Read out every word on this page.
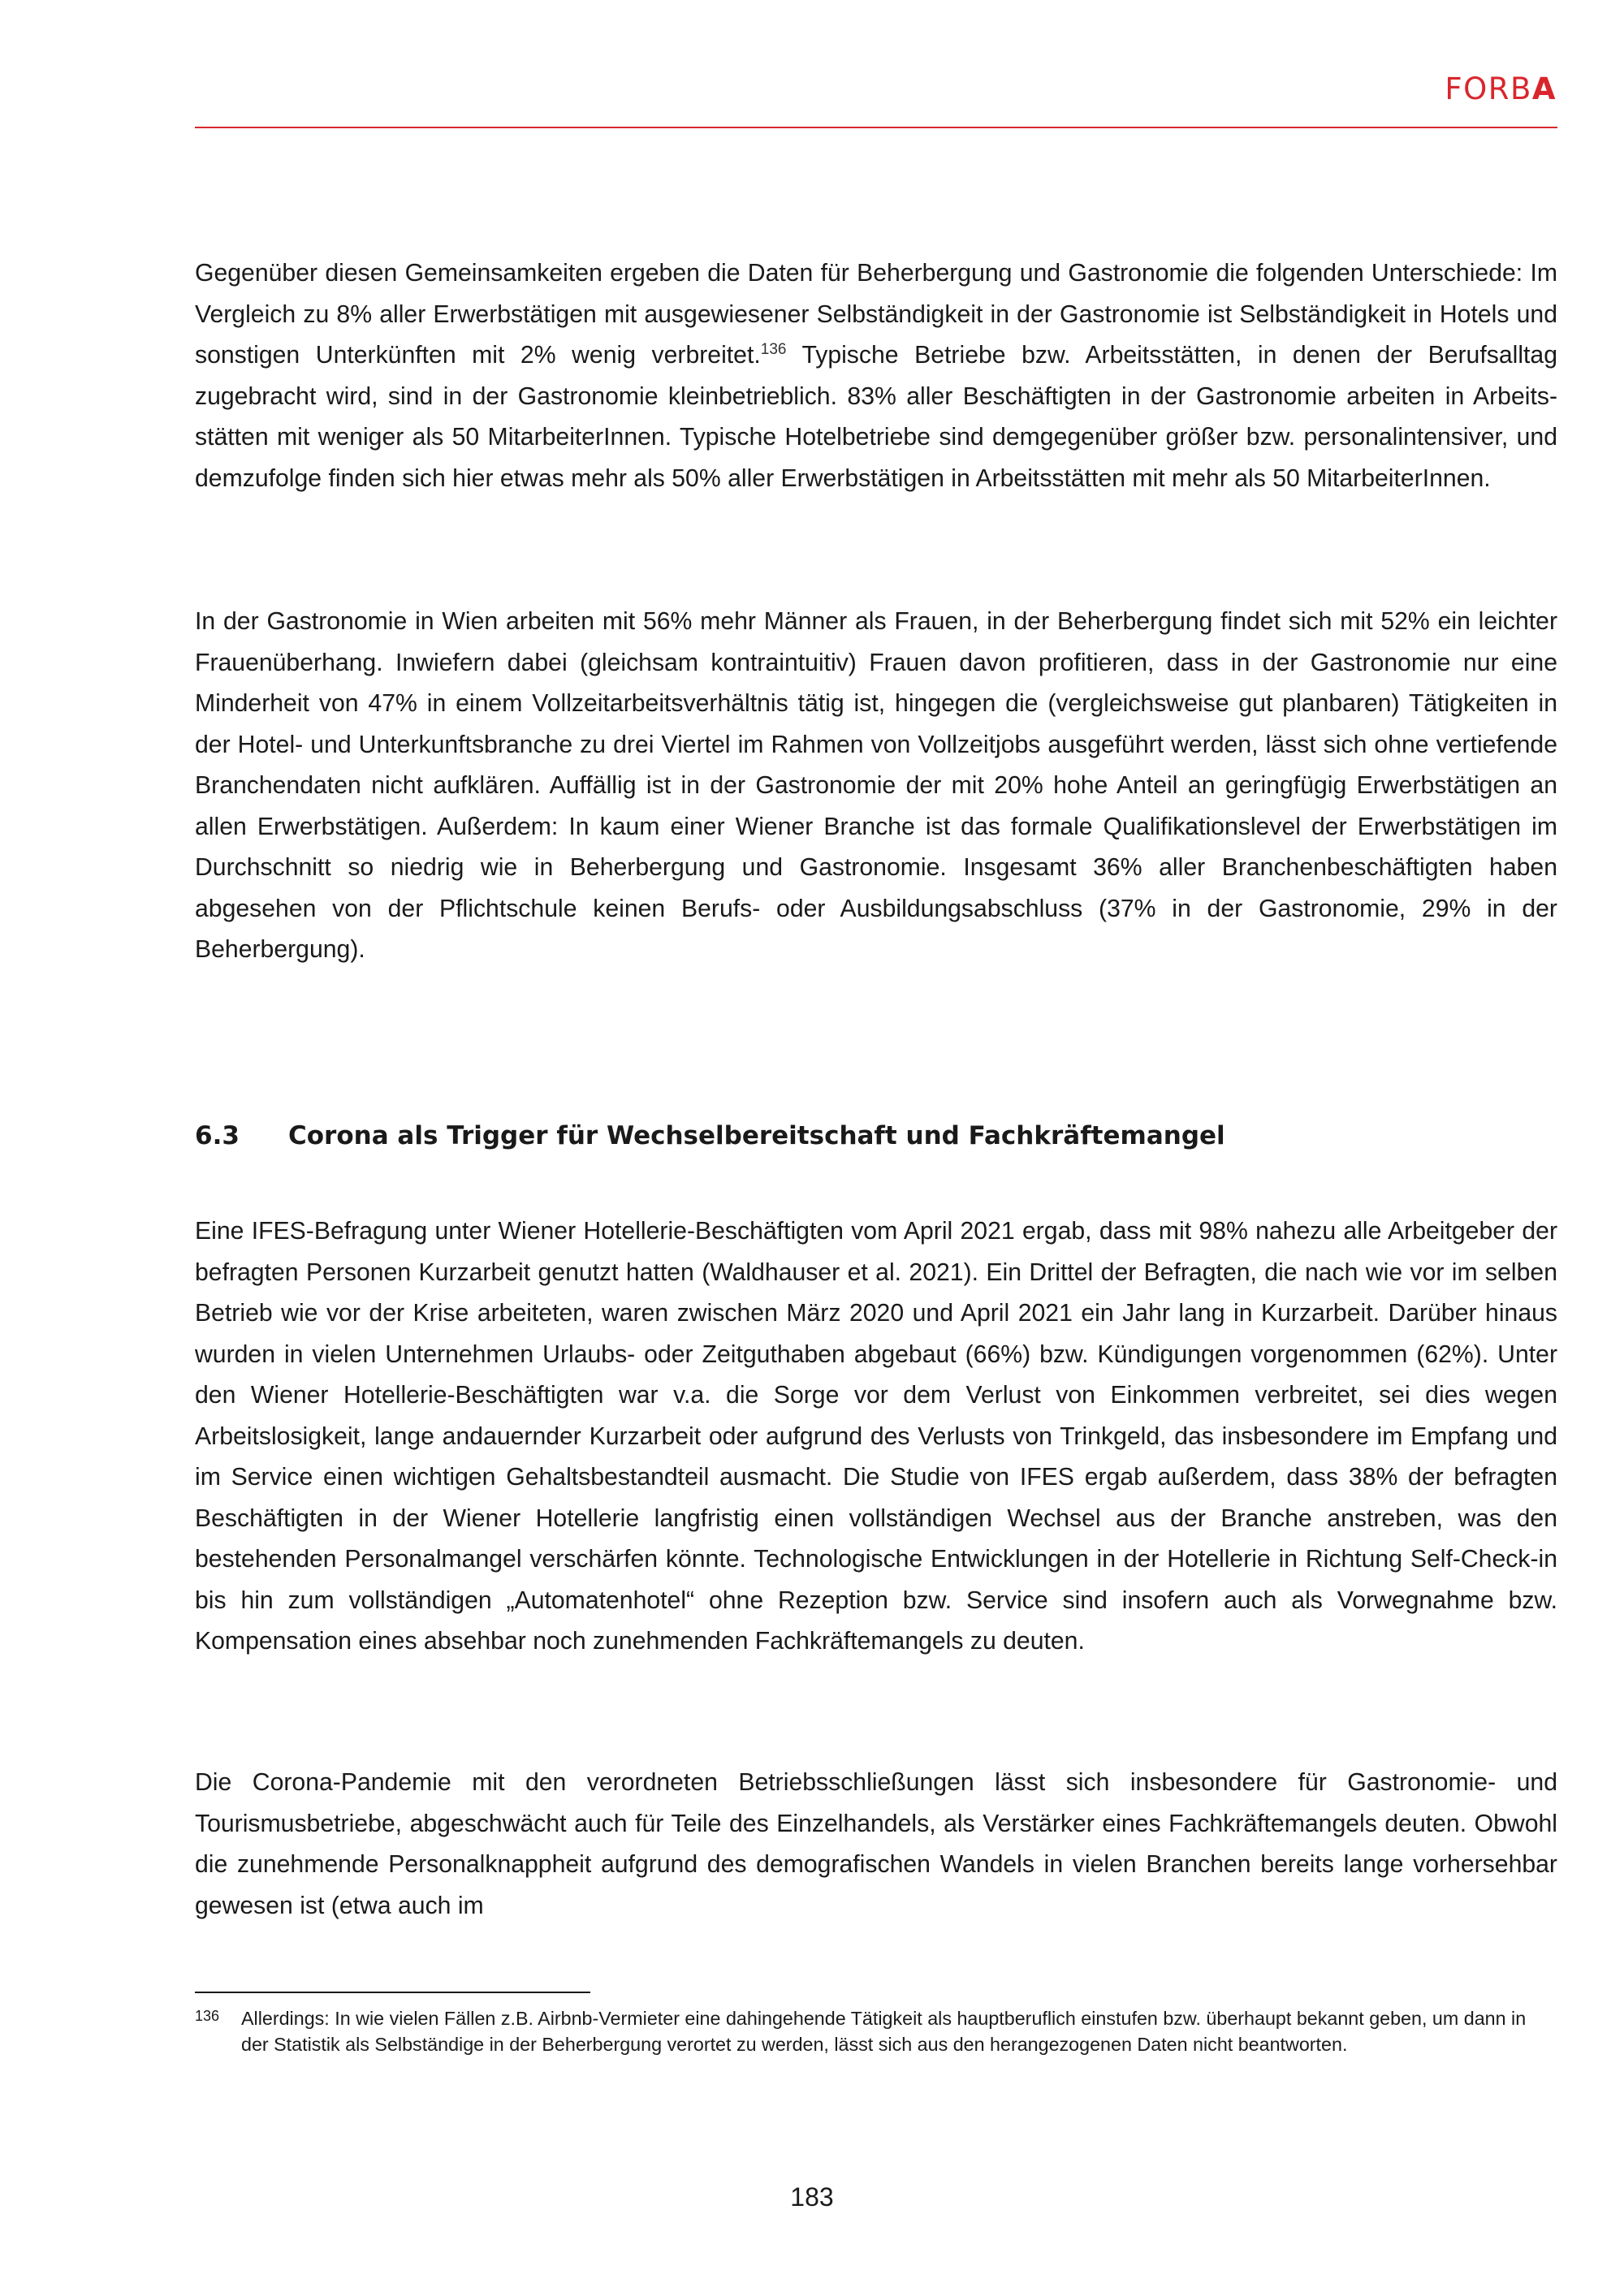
FORBA

Gegenüber diesen Gemeinsamkeiten ergeben die Daten für Beherbergung und Gastronomie die folgenden Unterschiede: Im Vergleich zu 8% aller Erwerbstätigen mit ausgewiesener Selbständigkeit in der Gastronomie ist Selbständigkeit in Hotels und sonstigen Unterkünften mit 2% wenig verbreitet.$^{136}$ Typische Betriebe bzw. Arbeitsstätten, in denen der Berufsalltag zugebracht wird, sind in der Gastronomie kleinbetrieblich. 83% aller Beschäftigten in der Gastronomie arbeiten in Arbeitsstätten mit weniger als 50 MitarbeiterInnen. Typische Hotelbetriebe sind demgegenüber größer bzw. personalintensiver, und demzufolge finden sich hier etwas mehr als 50% aller Erwerbstätigen in Arbeitsstätten mit mehr als 50 MitarbeiterInnen.

In der Gastronomie in Wien arbeiten mit 56% mehr Männer als Frauen, in der Beherbergung findet sich mit 52% ein leichter Frauenüberhang. Inwiefern dabei (gleichsam kontraintuitiv) Frauen davon profitieren, dass in der Gastronomie nur eine Minderheit von 47% in einem Vollzeitarbeitsverhältnis tätig ist, hingegen die (vergleichsweise gut planbaren) Tätigkeiten in der Hotel- und Unterkunftsbranche zu drei Viertel im Rahmen von Vollzeitjobs ausgeführt werden, lässt sich ohne vertiefende Branchendaten nicht aufklären. Auffällig ist in der Gastronomie der mit 20% hohe Anteil an geringfügig Erwerbstätigen an allen Erwerbstätigen. Außerdem: In kaum einer Wiener Branche ist das formale Qualifikationslevel der Erwerbstätigen im Durchschnitt so niedrig wie in Beherbergung und Gastronomie. Insgesamt 36% aller Branchenbeschäftigten haben abgesehen von der Pflichtschule keinen Berufs- oder Ausbildungsabschluss (37% in der Gastronomie, 29% in der Beherbergung).

6.3 Corona als Trigger für Wechselbereitschaft und Fachkräftemangel

Eine IFES-Befragung unter Wiener Hotellerie-Beschäftigten vom April 2021 ergab, dass mit 98% nahezu alle Arbeitgeber der befragten Personen Kurzarbeit genutzt hatten (Waldhauser et al. 2021). Ein Drittel der Befragten, die nach wie vor im selben Betrieb wie vor der Krise arbeiteten, waren zwischen März 2020 und April 2021 ein Jahr lang in Kurzarbeit. Darüber hinaus wurden in vielen Unternehmen Urlaubs- oder Zeitguthaben abgebaut (66%) bzw. Kündigungen vorgenommen (62%). Unter den Wiener Hotellerie-Beschäftigten war v.a. die Sorge vor dem Verlust von Einkommen verbreitet, sei dies wegen Arbeitslosigkeit, lange andauernder Kurzarbeit oder aufgrund des Verlusts von Trinkgeld, das insbesondere im Empfang und im Service einen wichtigen Gehaltsbestandteil ausmacht. Die Studie von IFES ergab außerdem, dass 38% der befragten Beschäftigten in der Wiener Hotellerie langfristig einen vollständigen Wechsel aus der Branche anstreben, was den bestehenden Personalmangel verschärfen könnte. Technologische Entwicklungen in der Hotellerie in Richtung Self-Check-in bis hin zum vollständigen „Automatenhotel“ ohne Rezeption bzw. Service sind insofern auch als Vorwegnahme bzw. Kompensation eines absehbar noch zunehmenden Fachkräftemangels zu deuten.

Die Corona-Pandemie mit den verordneten Betriebsschließungen lässt sich insbesondere für Gastronomie- und Tourismusbetriebe, abgeschwächt auch für Teile des Einzelhandels, als Verstärker eines Fachkräftemangels deuten. Obwohl die zunehmende Personalknappheit aufgrund des demografischen Wandels in vielen Branchen bereits lange vorhersehbar gewesen ist (etwa auch im

136 Allerdings: In wie vielen Fällen z.B. Airbnb-Vermieter eine dahingehende Tätigkeit als hauptberuflich einstufen bzw. überhaupt bekannt geben, um dann in der Statistik als Selbständige in der Beherbergung verortet zu werden, lässt sich aus den herangezogenen Daten nicht beantworten.
183
